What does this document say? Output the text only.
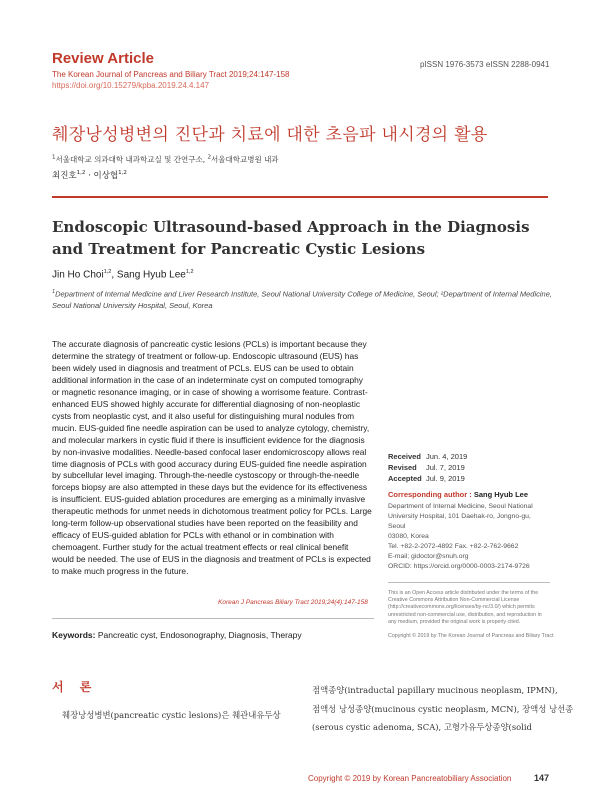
Review Article
The Korean Journal of Pancreas and Biliary Tract 2019;24:147-158
https://doi.org/10.15279/kpba.2019.24.4.147
pISSN 1976-3573 eISSN 2288-0941
췌장낭성병변의 진단과 치료에 대한 초음파 내시경의 활용
$^1$서울대학교 의과대학 내과학교실 및 간연구소, $^2$서울대학교병원 내과
최진호$^{1,2}$ · 이상협$^{1,2}$
Endoscopic Ultrasound-based Approach in the Diagnosis and Treatment for Pancreatic Cystic Lesions
Jin Ho Choi$^{1,2}$, Sang Hyub Lee$^{1,2}$
$^1$Department of Internal Medicine and Liver Research Institute, Seoul National University College of Medicine, Seoul; ²Department of Internal Medicine, Seoul National University Hospital, Seoul, Korea
The accurate diagnosis of pancreatic cystic lesions (PCLs) is important because they determine the strategy of treatment or follow-up. Endoscopic ultrasound (EUS) has been widely used in diagnosis and treatment of PCLs. EUS can be used to obtain additional information in the case of an indeterminate cyst on computed tomography or magnetic resonance imaging, or in case of showing a worrisome feature. Contrast-enhanced EUS showed highly accurate for differential diagnosing of non-neoplastic cysts from neoplastic cyst, and it also useful for distinguishing mural nodules from mucin. EUS-guided fine needle aspiration can be used to analyze cytology, chemistry, and molecular markers in cystic fluid if there is insufficient evidence for the diagnosis by non-invasive modalities. Needle-based confocal laser endomicroscopy allows real time diagnosis of PCLs with good accuracy during EUS-guided fine needle aspiration by subcellular level imaging. Through-the-needle cystoscopy or through-the-needle forceps biopsy are also attempted in these days but the evidence for its effectiveness is insufficient. EUS-guided ablation procedures are emerging as a minimally invasive therapeutic methods for unmet needs in dichotomous treatment policy for PCLs. Large long-term follow-up observational studies have been reported on the feasibility and efficacy of EUS-guided ablation for PCLs with ethanol or in combination with chemoagent. Further study for the actual treatment effects or real clinical benefit would be needed. The use of EUS in the diagnosis and treatment of PCLs is expected to make much progress in the future.
Korean J Pancreas Biliary Tract 2019;24(4):147-158
Keywords: Pancreatic cyst, Endosonography, Diagnosis, Therapy
Received Jun. 4, 2019
Revised	Jul. 7, 2019
Accepted Jul. 9, 2019
Corresponding author : Sang Hyub Lee
Department of Internal Medicine, Seoul National
University Hospital, 101 Daehak-ro, Jongno-gu, Seoul
03080, Korea
Tel. +82-2-2072-4892 Fax. +82-2-762-9662
E-mail; gidoctor@snuh.org
ORCID: https://orcid.org/0000-0003-2174-9726
This is an Open Access article distributed under the terms of the Creative Commons Attribution Non-Commercial License (http://creativecommons.org/licenses/by-nc/3.0/) which permits unrestricted non-commercial use, distribution, and reproduction in any medium, provided the original work is properly cited.
Copyright © 2019 by The Korean Journal of Pancreas and Biliary Tract
서 론
췌장낭성병변(pancreatic cystic lesions)은 췌관내유두상
점액종양(intraductal papillary mucinous neoplasm, IPMN),
점액성 낭성종양(mucinous cystic neoplasm, MCN), 장액성 낭선종
(serous cystic adenoma, SCA), 고형가유두상종양(solid
Copyright © 2019 by Korean Pancreatobiliary Association	147
